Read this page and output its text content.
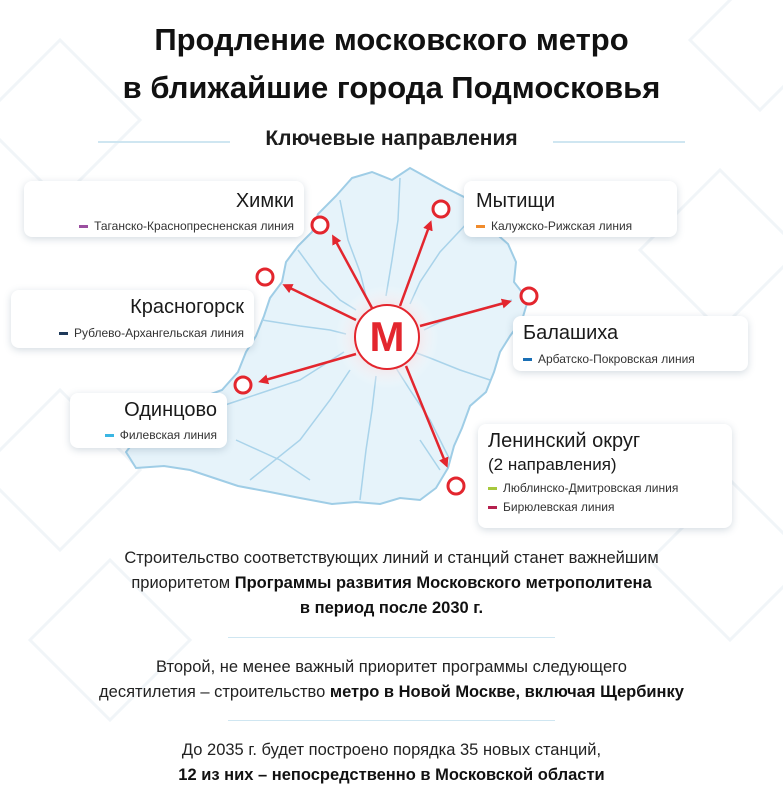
Продление московского метро
в ближайшие города Подмосковья
Ключевые направления
М
Химки
Таганско-Краснопресненская линия
Мытищи
Калужско-Рижская линия
Красногорск
Рублево-Архангельская линия	Балашиха
Арбатско-Покровская линия
Одинцово
Филевская линия	Ленинский округ
(2 направления)
Люблинско-Дмитровская линия
Бирюлевская линия
Строительство соответствующих линий и станций станет важнейшим
приоритетом Программы развития Московского метрополитена
в период после 2030 г.
Второй, не менее важный приоритет программы следующего
десятилетия – строительство метро в Новой Москве, включая Щербинку
До 2035 г. будет построено порядка 35 новых станций,
12 из них – непосредственно в Московской области
